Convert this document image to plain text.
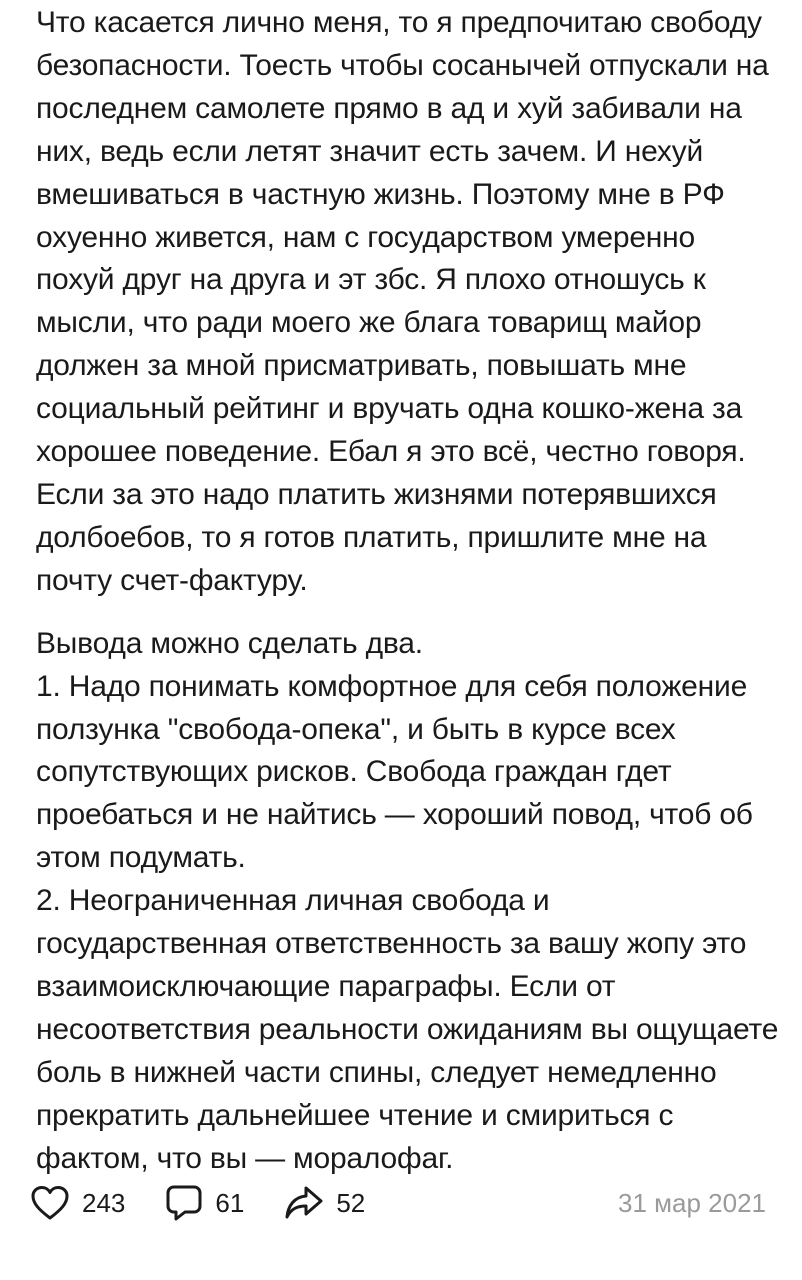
Что касается лично меня, то я предпочитаю свободу безопасности. Тоесть чтобы сосанычей отпускали на последнем самолете прямо в ад и хуй забивали на них, ведь если летят значит есть зачем. И нехуй вмешиваться в частную жизнь. Поэтому мне в РФ охуенно живется, нам с государством умеренно похуй друг на друга и эт збс. Я плохо отношусь к мысли, что ради моего же блага товарищ майор должен за мной присматривать, повышать мне социальный рейтинг и вручать одна кошко-жена за хорошее поведение. Ебал я это всё, честно говоря. Если за это надо платить жизнями потерявшихся долбоебов, то я готов платить, пришлите мне на почту счет-фактуру.

Вывода можно сделать два.

1. Надо понимать комфортное для себя положение ползунка "свобода-опека", и быть в курсе всех сопутствующих рисков. Свобода граждан гдет проебаться и не найтись — хороший повод, чтоб об этом подумать.

2. Неограниченная личная свобода и государственная ответственность за вашу жопу это взаимоисключающие параграфы. Если от несоответствия реальности ожиданиям вы ощущаете боль в нижней части спины, следует немедленно прекратить дальнейшее чтение и смириться с фактом, что вы — моралофаг.

243	61	52	31 мар 2021
